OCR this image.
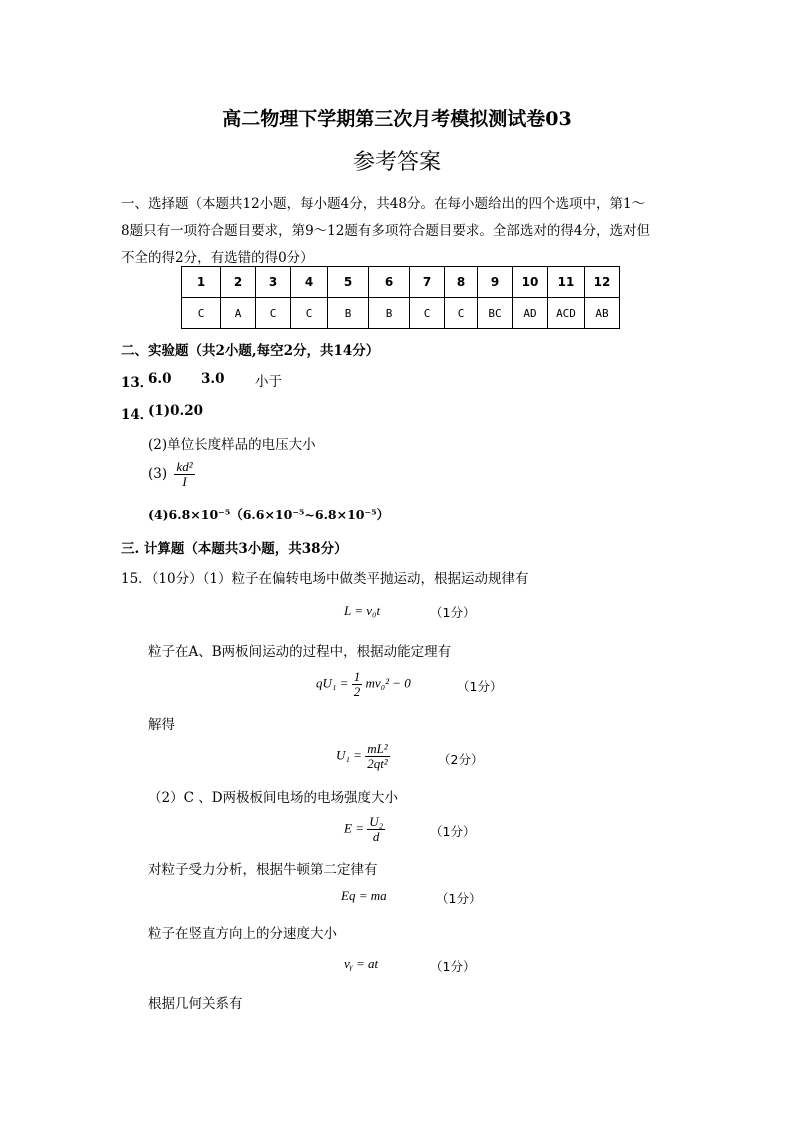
高二物理下学期第三次月考模拟测试卷03
参考答案
一、选择题（本题共12小题，每小题4分，共48分。在每小题给出的四个选项中，第1～
8题只有一项符合题目要求，第9～12题有多项符合题目要求。全部选对的得4分，选对但
不全的得2分，有选错的得0分）
1	2	3	4	5	6	7	8	9	10	11	12
C	A	C	C	B	B	C	C	BC	AD	ACD	AB
二、实验题（共2小题,每空2分，共14分）
13．
6.0 3.0 小于
14．
(1)0.20
(2)单位长度样品的电压大小
$(3) \frac{\text{kd²}}{I}$
(4)6.8×10⁻⁵（6.6×10⁻⁵~6.8×10⁻⁵）
三. 计算题（本题共3小题，共38分）
15．（10分）（1）粒子在偏转电场中做类平抛运动，根据运动规律有
L = v₀t	（1分）
粒子在A、B两板间运动的过程中，根据动能定理有
$qU_1 = \frac{1}{2} mv_0^2 - 0$	（1分）
解得
$U_1 = \frac{\text{mL²}}{\text{2qt²}}$	（2分）
（2）C 、D两极板间电场的电场强度大小
$E = \frac{\text{U₂}}{d}$	（1分）
对粒子受力分析，根据牛顿第二定律有
Eq = ma	（1分）
粒子在竖直方向上的分速度大小
vᵧ = at	（1分）
根据几何关系有
